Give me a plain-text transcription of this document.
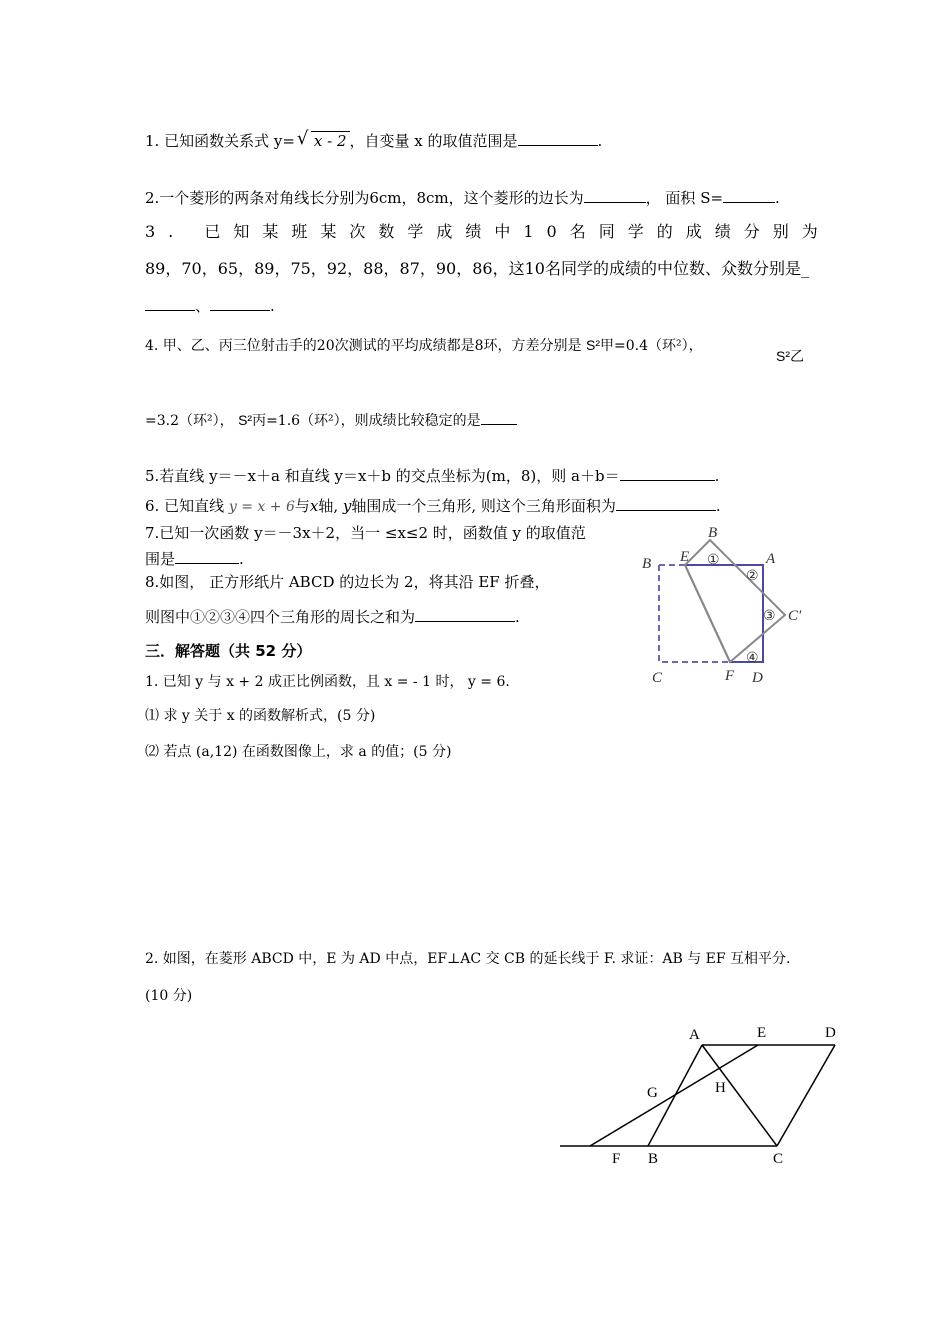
1. 已知函数关系式 y= √ x - 2 ，自变量 x 的取值范围是	.
2.一个菱形的两条对角线长分别为6cm，8cm，这个菱形的边长为	， 面积 S=	.
3. 已知某班某次数学成绩中10名同学的成绩分别为
89，70，65，89，75，92，88，87，90，86，这10名同学的成绩的中位数、众数分别是_
、	.
4. 甲、乙、丙三位射击手的20次测试的平均成绩都是8环，方差分别是 S²甲=0.4（环²），
S²乙
=3.2（环²）， S²丙=1.6（环²），则成绩比较稳定的是
5.若直线 y＝－x＋a 和直线 y＝x＋b 的交点坐标为(m，8)，则 a＋b＝	.
6. 已知直线 y = x + 6与x轴, y轴围成一个三角形, 则这个三角形面积为	.
7.已知一次函数 y＝－3x＋2，当一 ≤x≤2 时，函数值 y 的取值范
围是	.
8.如图， 正方形纸片 ABCD 的边长为 2，将其沿 EF 折叠，
则图中①②③④四个三角形的周长之和为	.
三．解答题（共 52 分）
1. 已知 y 与 x + 2 成正比例函数，且 x = - 1 时， y = 6.
⑴ 求 y 关于 x 的函数解析式，(5 分)
⑵ 若点 (a,12) 在函数图像上，求 a 的值；(5 分)
2. 如图，在菱形 ABCD 中，E 为 AD 中点，EF⊥AC 交 CB 的延长线于 F. 求证：AB 与 EF 互相平分.
(10 分)
B
E	A
B
C′
C	F D
①
②
③
④
A	E	D
G	H
F B	C
